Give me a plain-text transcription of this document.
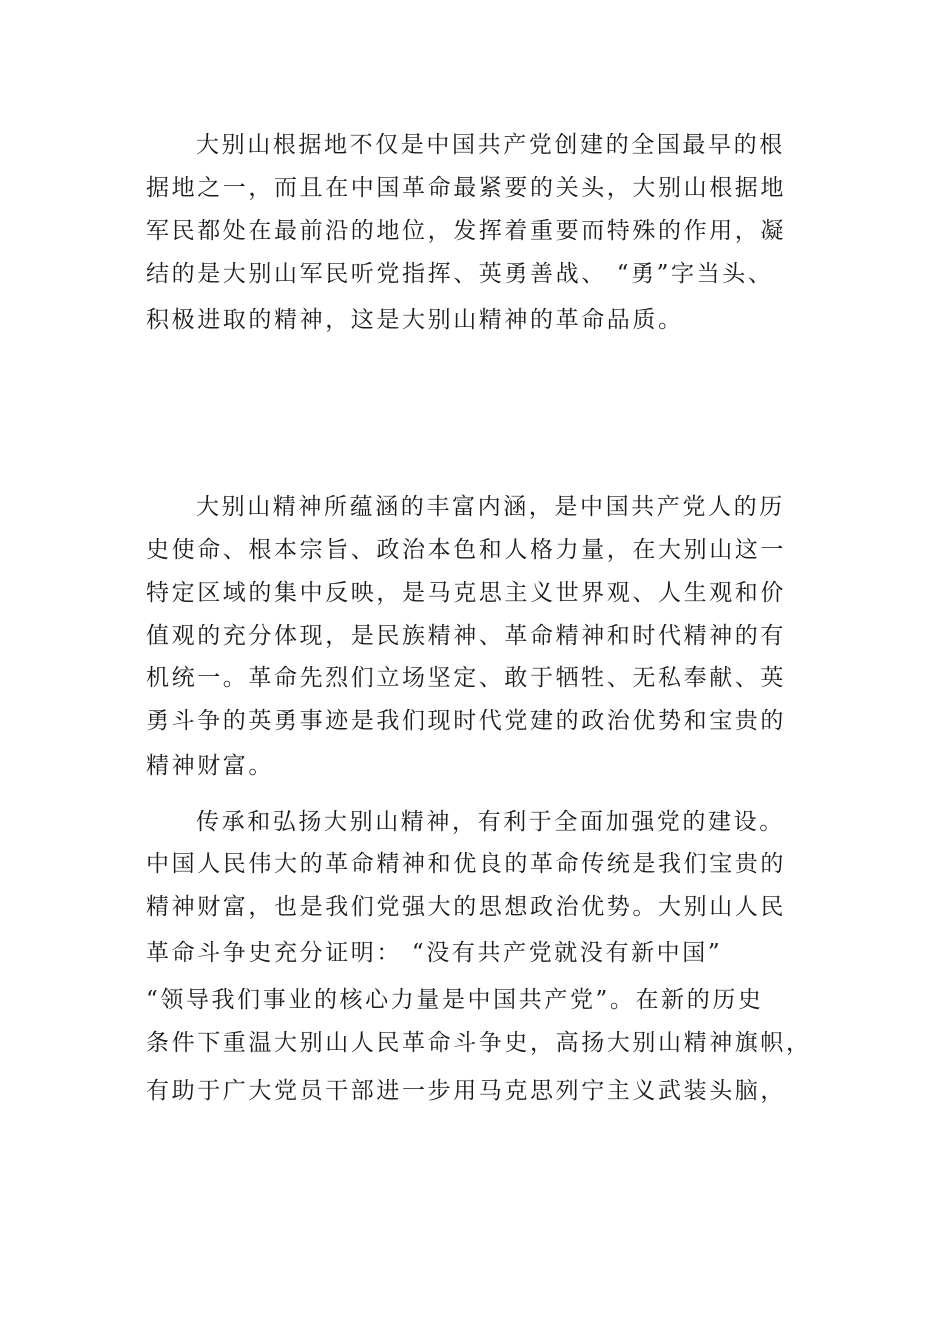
大别山根据地不仅是中国共产党创建的全国最早的根
据地之一，而且在中国革命最紧要的关头，大别山根据地
军民都处在最前沿的地位，发挥着重要而特殊的作用，凝
结的是大别山军民听党指挥、英勇善战、 “勇”字当头、
积极进取的精神，这是大别山精神的革命品质。
大别山精神所蕴涵的丰富内涵，是中国共产党人的历
史使命、根本宗旨、政治本色和人格力量，在大别山这一
特定区域的集中反映，是马克思主义世界观、人生观和价
值观的充分体现，是民族精神、革命精神和时代精神的有
机统一。革命先烈们立场坚定、敢于牺牲、无私奉献、英
勇斗争的英勇事迹是我们现时代党建的政治优势和宝贵的
精神财富。
传承和弘扬大别山精神，有利于全面加强党的建设。
中国人民伟大的革命精神和优良的革命传统是我们宝贵的
精神财富，也是我们党强大的思想政治优势。大别山人民
革命斗争史充分证明： “没有共产党就没有新中国”
“领导我们事业的核心力量是中国共产党”。在新的历史
条件下重温大别山人民革命斗争史，高扬大别山精神旗帜，
有助于广大党员干部进一步用马克思列宁主义武装头脑，
